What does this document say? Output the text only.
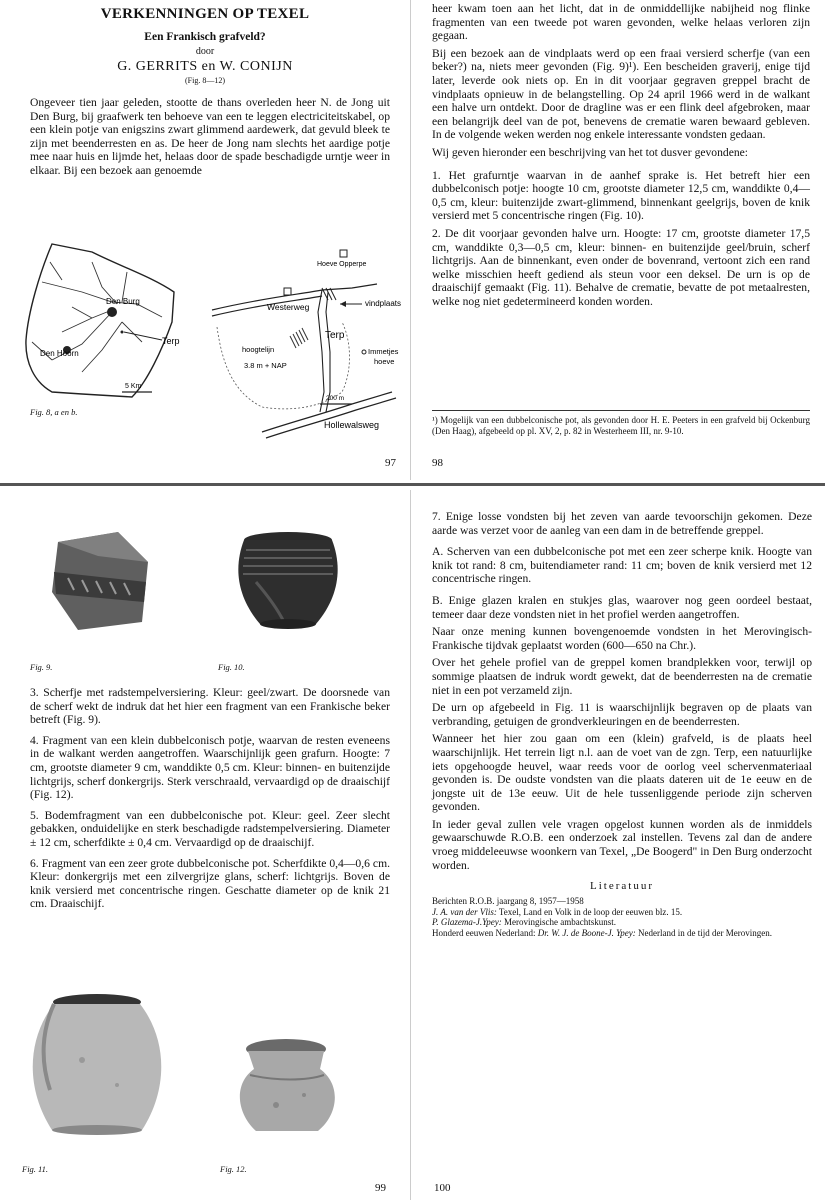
VERKENNINGEN OP TEXEL
Een Frankisch grafveld?
door
G. GERRITS en W. CONIJN
(Fig. 8—12)

Ongeveer tien jaar geleden, stootte de thans overleden heer N. de Jong uit Den Burg, bij graafwerk ten behoeve van een te leggen electriciteitskabel, op een klein potje van enigszins zwart glimmend aardewerk, dat gevuld bleek te zijn met beenderresten en as. De heer de Jong nam slechts het aardige potje mee naar huis en lijmde het, helaas door de spade beschadigde urntje weer in elkaar. Bij een bezoek aan genoemde

Den Burg
Terp
Den Hoorn
5 Km
Hoeve Opperpe
Westerweg	vindplaats
Terp
hoogtelijn
3.8 m + NAP
Immetjes
hoeve
200 m
Hollewalsweg
Fig. 8, a en b.
97

heer kwam toen aan het licht, dat in de onmiddellijke nabijheid nog flinke fragmenten van een tweede pot waren gevonden, welke helaas verloren zijn gegaan.

Bij een bezoek aan de vindplaats werd op een fraai versierd scherfje (van een beker?) na, niets meer gevonden (Fig. 9)¹). Een bescheiden graverij, enige tijd later, leverde ook niets op. En in dit voorjaar gegraven greppel bracht de vindplaats opnieuw in de belangstelling. Op 24 april 1966 werd in de walkant een halve urn ontdekt. Door de dragline was er een flink deel afgebroken, maar een belangrijk deel van de pot, benevens de crematie waren bewaard gebleven. In de volgende weken werden nog enkele interessante vondsten gedaan.

Wij geven hieronder een beschrijving van het tot dusver gevondene:

1. Het grafurntje waarvan in de aanhef sprake is. Het betreft hier een dubbelconisch potje: hoogte 10 cm, grootste diameter 12,5 cm, wanddikte 0,4—0,5 cm, kleur: buitenzijde zwart-glimmend, binnenkant geelgrijs, boven de knik versierd met 5 concentrische ringen (Fig. 10).

2. De dit voorjaar gevonden halve urn. Hoogte: 17 cm, grootste diameter 17,5 cm, wanddikte 0,3—0,5 cm, kleur: binnen- en buitenzijde geel/bruin, scherf lichtgrijs. Aan de binnenkant, even onder de bovenrand, vertoont zich een rand welke misschien heeft gediend als steun voor een deksel. De urn is op de draaischijf gemaakt (Fig. 11). Behalve de crematie, bevatte de pot metaalresten, welke nog niet gedetermineerd konden worden.

¹) Mogelijk van een dubbelconische pot, als gevonden door H. E. Peeters in een grafveld bij Ockenburg (Den Haag), afgebeeld op pl. XV, 2, p. 82 in Westerheem III, nr. 9-10.
98
Fig. 9.	Fig. 10.

3. Scherfje met radstempelversiering. Kleur: geel/zwart. De doorsnede van de scherf wekt de indruk dat het hier een fragment van een Frankische beker betreft (Fig. 9).

4. Fragment van een klein dubbelconisch potje, waarvan de resten eveneens in de walkant werden aangetroffen. Waarschijnlijk geen grafurn. Hoogte: 7 cm, grootste diameter 9 cm, wanddikte 0,5 cm. Kleur: binnen- en buitenzijde lichtgrijs, scherf donkergrijs. Sterk verschraald, vervaardigd op de draaischijf (Fig. 12).

5. Bodemfragment van een dubbelconische pot. Kleur: geel. Zeer slecht gebakken, onduidelijke en sterk beschadigde radstempelversiering. Diameter ± 12 cm, scherfdikte ± 0,4 cm. Vervaardigd op de draaischijf.

6. Fragment van een zeer grote dubbelconische pot. Scherfdikte 0,4—0,6 cm. Kleur: donkergrijs met een zilvergrijze glans, scherf: lichtgrijs. Boven de knik versierd met concentrische ringen. Geschatte diameter op de knik 21 cm. Draaischijf.

Fig. 11.	Fig. 12.
99

7. Enige losse vondsten bij het zeven van aarde tevoorschijn gekomen. Deze aarde was verzet voor de aanleg van een dam in de betreffende greppel.

A. Scherven van een dubbelconische pot met een zeer scherpe knik. Hoogte van knik tot rand: 8 cm, buitendiameter rand: 11 cm; boven de knik versierd met 12 concentrische ringen.

B. Enige glazen kralen en stukjes glas, waarover nog geen oordeel bestaat, temeer daar deze vondsten niet in het profiel werden aangetroffen.

Naar onze mening kunnen bovengenoemde vondsten in het Merovingisch-Frankische tijdvak geplaatst worden (600—650 na Chr.).

Over het gehele profiel van de greppel komen brandplekken voor, terwijl op sommige plaatsen de indruk wordt gewekt, dat de beenderresten na de crematie niet in een pot verzameld zijn.

De urn op afgebeeld in Fig. 11 is waarschijnlijk begraven op de plaats van verbranding, getuigen de grondverkleuringen en de beenderresten.

Wanneer het hier zou gaan om een (klein) grafveld, is de plaats heel waarschijnlijk. Het terrein ligt n.l. aan de voet van de zgn. Terp, een natuurlijke iets opgehoogde heuvel, waar reeds voor de oorlog veel schervenmateriaal gevonden is. De oudste vondsten van die plaats dateren uit de 1e eeuw en de jongste uit de 13e eeuw. Uit de hele tussenliggende periode zijn scherven gevonden.

In ieder geval zullen vele vragen opgelost kunnen worden als de inmiddels gewaarschuwde R.O.B. een onderzoek zal instellen. Tevens zal dan de andere vroeg middeleeuwse woonkern van Texel, „De Boogerd" in Den Burg onderzocht worden.

Literatuur

Berichten R.O.B. jaargang 8, 1957—1958

J. A. van der Vlis: Texel, Land en Volk in de loop der eeuwen blz. 15.

P. Glazema-J.Ypey: Merovingische ambachtskunst.

Honderd eeuwen Nederland: Dr. W. J. de Boone-J. Ypey: Nederland in de tijd der Merovingen.

100
